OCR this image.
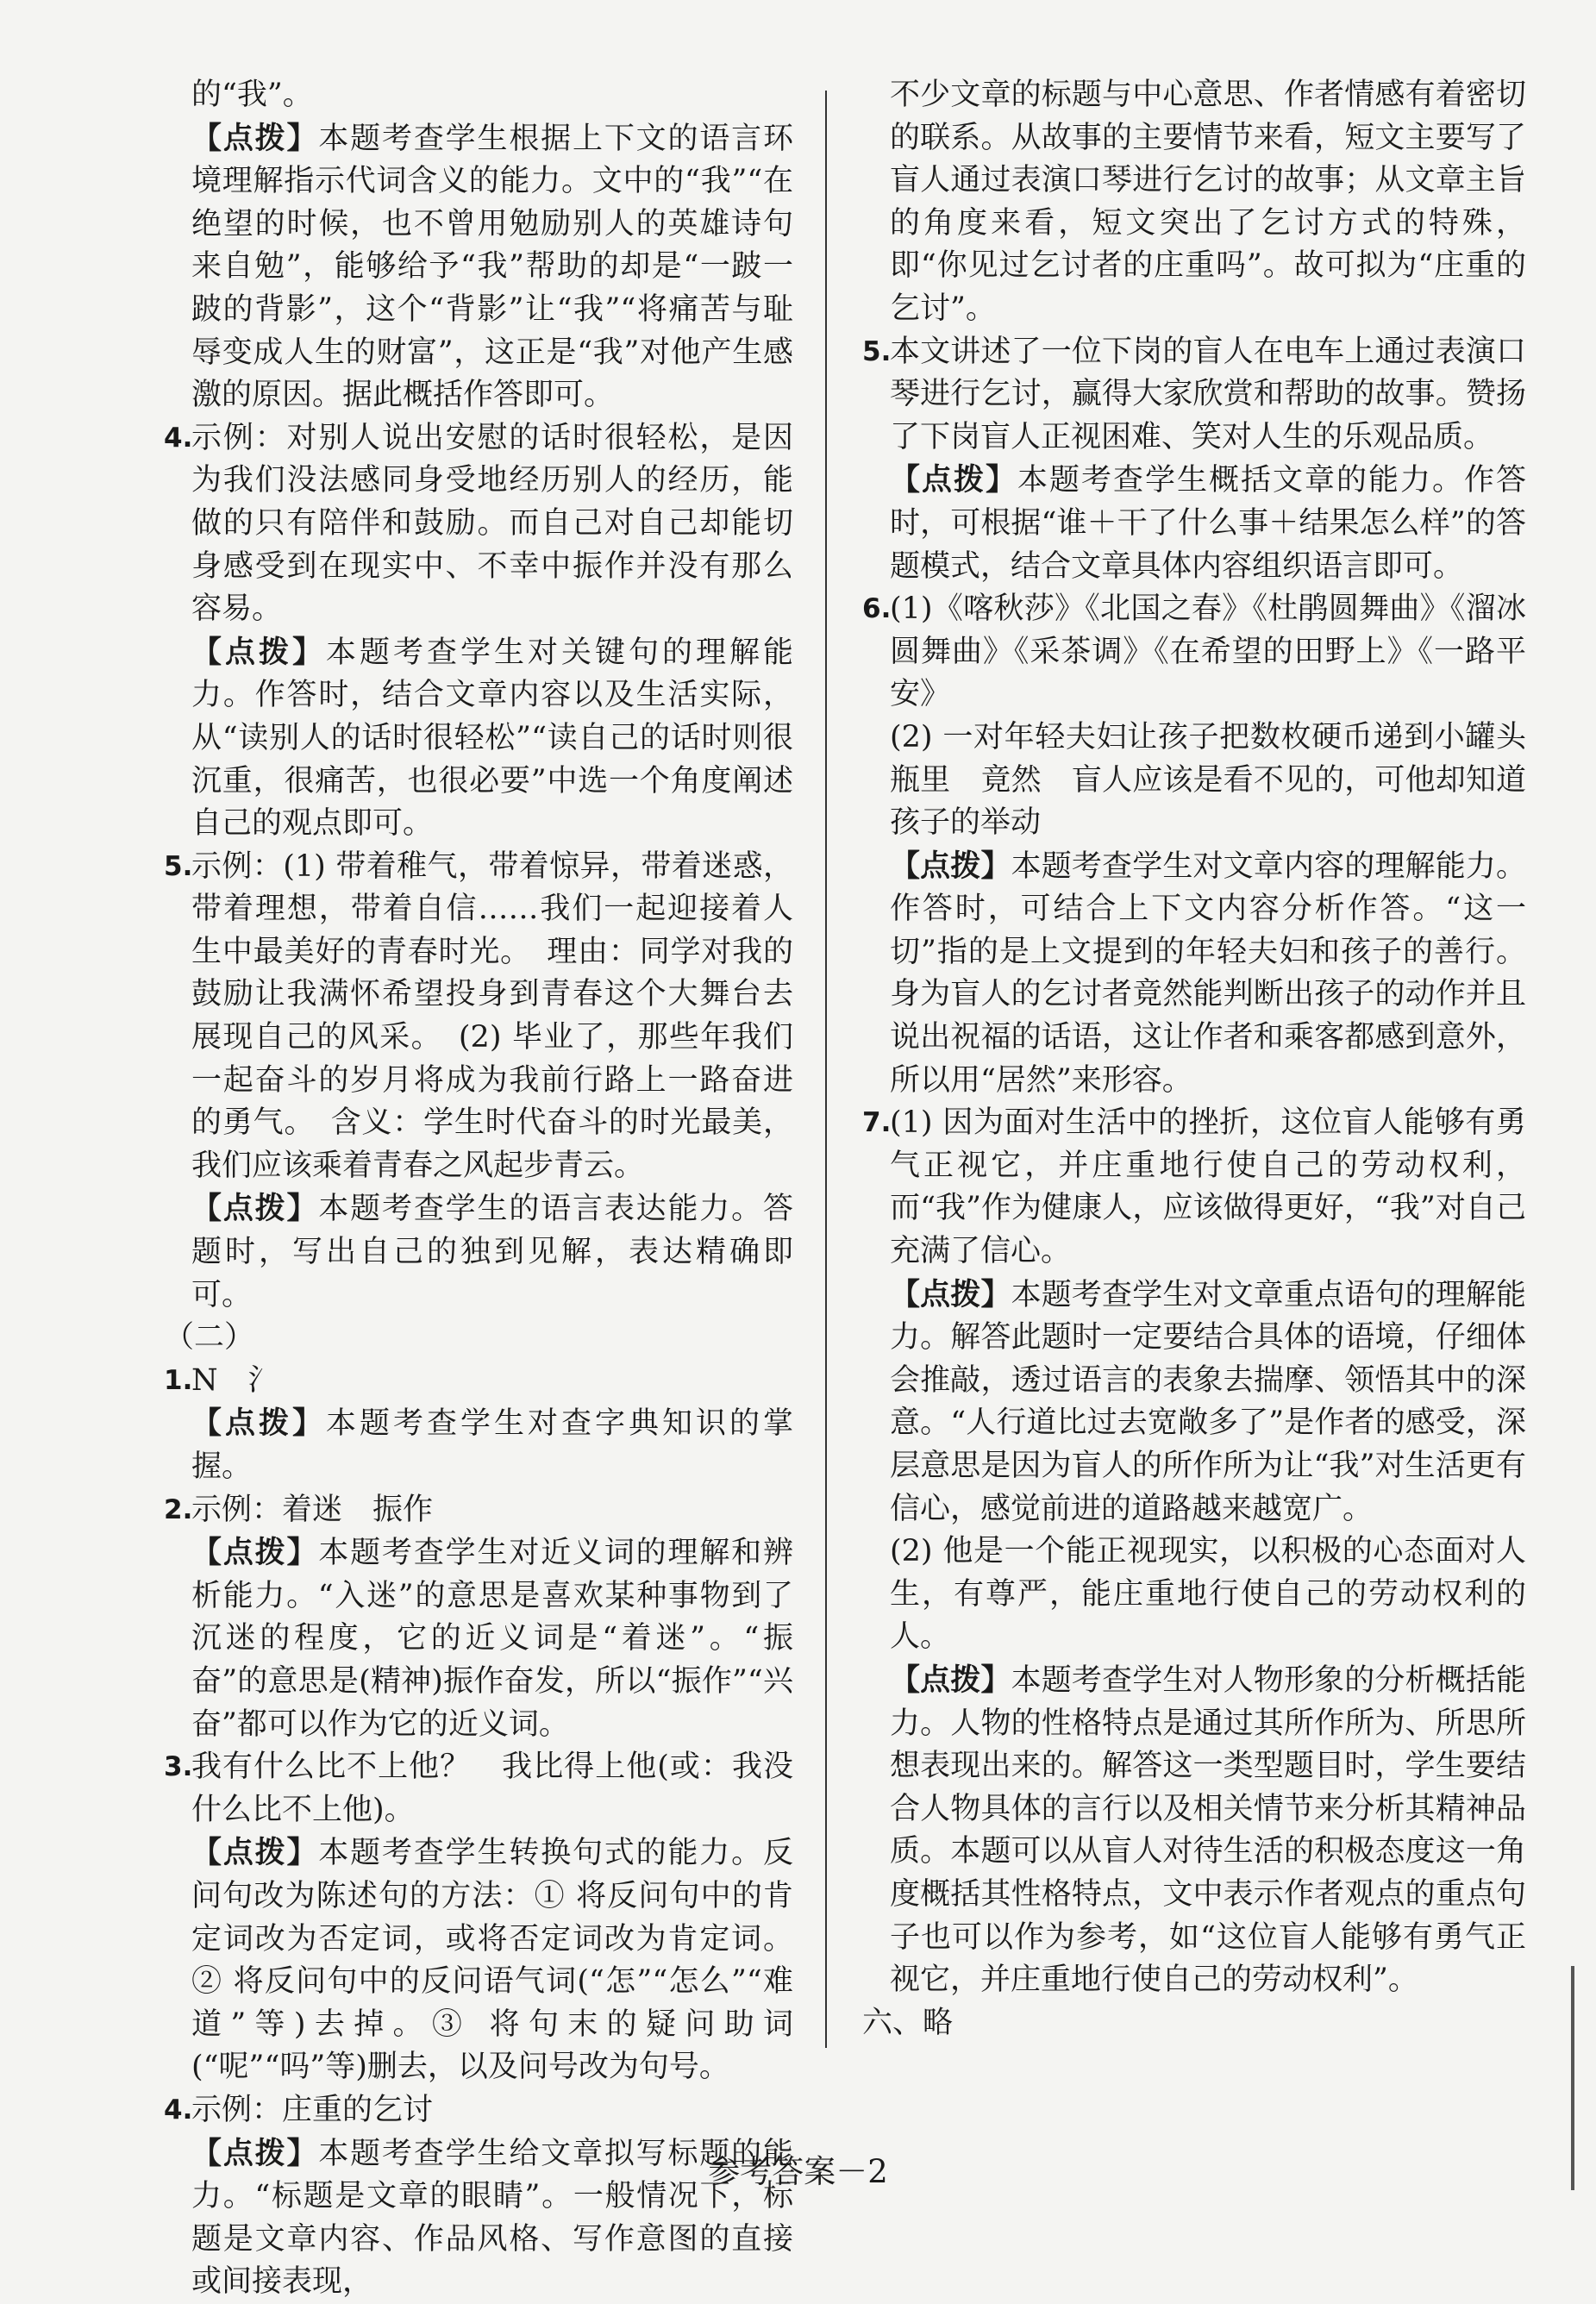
的“我”。

【点拨】本题考查学生根据上下文的语言环境理解指示代词含义的能力。文中的“我”“在绝望的时候，也不曾用勉励别人的英雄诗句来自勉”，能够给予“我”帮助的却是“一跛一跛的背影”，这个“背影”让“我”“将痛苦与耻辱变成人生的财富”，这正是“我”对他产生感激的原因。据此概括作答即可。

4.

示例：对别人说出安慰的话时很轻松，是因为我们没法感同身受地经历别人的经历，能做的只有陪伴和鼓励。而自己对自己却能切身感受到在现实中、不幸中振作并没有那么容易。

【点拨】本题考查学生对关键句的理解能力。作答时，结合文章内容以及生活实际，从“读别人的话时很轻松”“读自己的话时则很沉重，很痛苦，也很必要”中选一个角度阐述自己的观点即可。

5.

示例：(1) 带着稚气，带着惊异，带着迷惑，带着理想，带着自信……我们一起迎接着人生中最美好的青春时光。　理由：同学对我的鼓励让我满怀希望投身到青春这个大舞台去展现自己的风采。　(2) 毕业了，那些年我们一起奋斗的岁月将成为我前行路上一路奋进的勇气。　含义：学生时代奋斗的时光最美，我们应该乘着青春之风起步青云。

【点拨】本题考查学生的语言表达能力。答题时，写出自己的独到见解，表达精确即可。

（二）

1.

N　氵

【点拨】本题考查学生对查字典知识的掌握。

2.

示例：着迷　振作

【点拨】本题考查学生对近义词的理解和辨析能力。“入迷”的意思是喜欢某种事物到了沉迷的程度，它的近义词是“着迷”。“振奋”的意思是(精神)振作奋发，所以“振作”“兴奋”都可以作为它的近义词。

3.

我有什么比不上他？　我比得上他(或：我没什么比不上他)。

【点拨】本题考查学生转换句式的能力。反问句改为陈述句的方法：① 将反问句中的肯定词改为否定词，或将否定词改为肯定词。② 将反问句中的反问语气词(“怎”“怎么”“难道”等)去掉。③ 将句末的疑问助词(“呢”“吗”等)删去，以及问号改为句号。

4.

示例：庄重的乞讨

【点拨】本题考查学生给文章拟写标题的能力。“标题是文章的眼睛”。一般情况下，标题是文章内容、作品风格、写作意图的直接或间接表现，

不少文章的标题与中心意思、作者情感有着密切的联系。从故事的主要情节来看，短文主要写了盲人通过表演口琴进行乞讨的故事；从文章主旨的角度来看，短文突出了乞讨方式的特殊，即“你见过乞讨者的庄重吗”。故可拟为“庄重的乞讨”。

5.

本文讲述了一位下岗的盲人在电车上通过表演口琴进行乞讨，赢得大家欣赏和帮助的故事。赞扬了下岗盲人正视困难、笑对人生的乐观品质。

【点拨】本题考查学生概括文章的能力。作答时，可根据“谁＋干了什么事＋结果怎么样”的答题模式，结合文章具体内容组织语言即可。

6.

(1)《喀秋莎》《北国之春》《杜鹃圆舞曲》《溜冰圆舞曲》《采茶调》《在希望的田野上》《一路平安》

(2) 一对年轻夫妇让孩子把数枚硬币递到小罐头瓶里　竟然　盲人应该是看不见的，可他却知道孩子的举动

【点拨】本题考查学生对文章内容的理解能力。作答时，可结合上下文内容分析作答。“这一切”指的是上文提到的年轻夫妇和孩子的善行。身为盲人的乞讨者竟然能判断出孩子的动作并且说出祝福的话语，这让作者和乘客都感到意外，所以用“居然”来形容。

7.

(1) 因为面对生活中的挫折，这位盲人能够有勇气正视它，并庄重地行使自己的劳动权利，而“我”作为健康人，应该做得更好，“我”对自己充满了信心。

【点拨】本题考查学生对文章重点语句的理解能力。解答此题时一定要结合具体的语境，仔细体会推敲，透过语言的表象去揣摩、领悟其中的深意。“人行道比过去宽敞多了”是作者的感受，深层意思是因为盲人的所作所为让“我”对生活更有信心，感觉前进的道路越来越宽广。

(2) 他是一个能正视现实，以积极的心态面对人生，有尊严，能庄重地行使自己的劳动权利的人。

【点拨】本题考查学生对人物形象的分析概括能力。人物的性格特点是通过其所作所为、所思所想表现出来的。解答这一类型题目时，学生要结合人物具体的言行以及相关情节来分析其精神品质。本题可以从盲人对待生活的积极态度这一角度概括其性格特点，文中表示作者观点的重点句子也可以作为参考，如“这位盲人能够有勇气正视它，并庄重地行使自己的劳动权利”。

六、略

参考答案－2
